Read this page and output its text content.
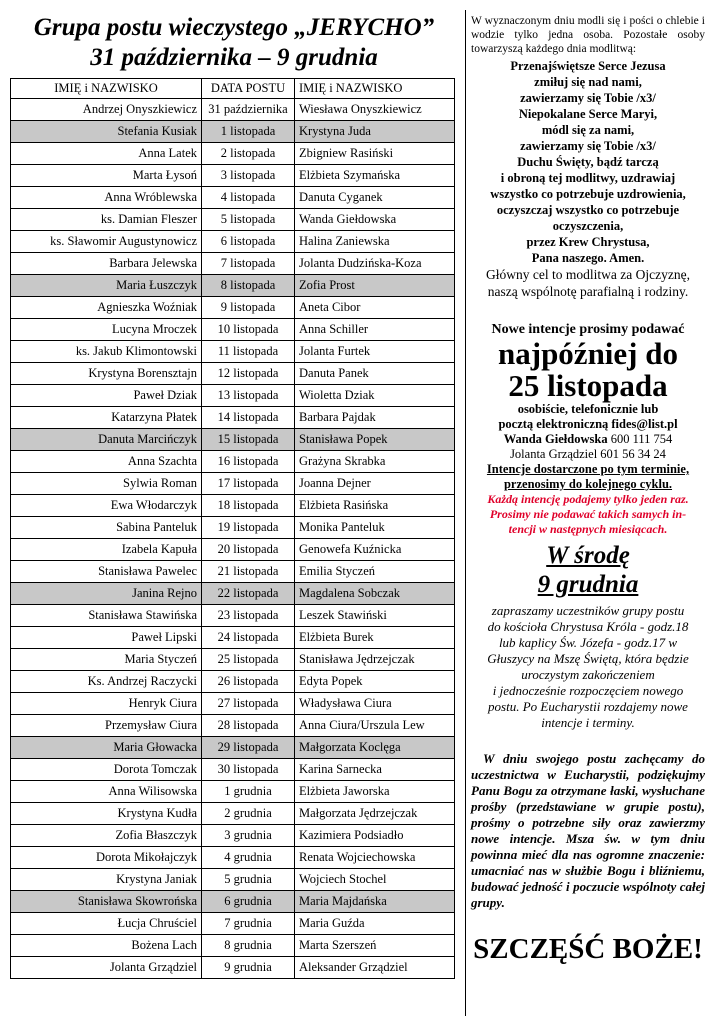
Grupa postu wieczystego „JERYCHO”
31 października – 9 grudnia
IMIĘ i NAZWISKO	DATA POSTU	IMIĘ i NAZWISKO
Andrzej Onyszkiewicz	31 października	Wiesława Onyszkiewicz
Stefania Kusiak	1 listopada	Krystyna Juda
Anna Latek	2 listopada	Zbigniew Rasiński
Marta Łysoń	3 listopada	Elżbieta Szymańska
Anna Wróblewska	4 listopada	Danuta Cyganek
ks. Damian Fleszer	5 listopada	Wanda Giełdowska
ks. Sławomir Augustynowicz	6 listopada	Halina Zaniewska
Barbara Jelewska	7 listopada	Jolanta Dudzińska-Koza
Maria Łuszczyk	8 listopada	Zofia Prost
Agnieszka Woźniak	9 listopada	Aneta Cibor
Lucyna Mroczek	10 listopada	Anna Schiller
ks. Jakub Klimontowski	11 listopada	Jolanta Furtek
Krystyna Borensztajn	12 listopada	Danuta Panek
Paweł Dziak	13 listopada	Wioletta Dziak
Katarzyna Płatek	14 listopada	Barbara Pajdak
Danuta Marcińczyk	15 listopada	Stanisława Popek
Anna Szachta	16 listopada	Grażyna Skrabka
Sylwia Roman	17 listopada	Joanna Dejner
Ewa Włodarczyk	18 listopada	Elżbieta Rasińska
Sabina Panteluk	19 listopada	Monika Panteluk
Izabela Kapuła	20 listopada	Genowefa Kuźnicka
Stanisława Pawelec	21 listopada	Emilia Styczeń
Janina Rejno	22 listopada	Magdalena Sobczak
Stanisława Stawińska	23 listopada	Leszek Stawiński
Paweł Lipski	24 listopada	Elżbieta Burek
Maria Styczeń	25 listopada	Stanisława Jędrzejczak
Ks. Andrzej Raczycki	26 listopada	Edyta Popek
Henryk Ciura	27 listopada	Władysława Ciura
Przemysław Ciura	28 listopada	Anna Ciura/Urszula Lew
Maria Głowacka	29 listopada	Małgorzata Koclęga
Dorota Tomczak	30 listopada	Karina Sarnecka
Anna Wilisowska	1 grudnia	Elżbieta Jaworska
Krystyna Kudła	2 grudnia	Małgorzata Jędrzejczak
Zofia Błaszczyk	3 grudnia	Kazimiera Podsiadło
Dorota Mikołajczyk	4 grudnia	Renata Wojciechowska
Krystyna Janiak	5 grudnia	Wojciech Stochel
Stanisława Skowrońska	6 grudnia	Maria Majdańska
Łucja Chruściel	7 grudnia	Maria Guźda
Bożena Lach	8 grudnia	Marta Szerszeń
Jolanta Grządziel	9 grudnia	Aleksander Grządziel
W wyznaczonym dniu modli się i pości o chlebie i wodzie tylko jedna osoba. Pozostałe osoby towarzyszą każdego dnia modlitwą:
Przenajświętsze Serce Jezusa
zmiłuj się nad nami,
zawierzamy się Tobie /x3/
Niepokalane Serce Maryi,
módl się za nami,
zawierzamy się Tobie /x3/
Duchu Święty, bądź tarczą
i obroną tej modlitwy, uzdrawiaj
wszystko co potrzebuje uzdrowienia,
oczyszczaj wszystko co potrzebuje
oczyszczenia,
przez Krew Chrystusa,
Pana naszego. Amen.
Główny cel to modlitwa za Ojczyznę,
naszą wspólnotę parafialną i rodziny.
Nowe intencje prosimy podawać
najpóźniej do
25 listopada
osobiście, telefonicznie lub
pocztą elektroniczną fides@list.pl
Wanda Giełdowska 600 111 754
Jolanta Grządziel 601 56 34 24
Intencje dostarczone po tym terminie,
przenosimy do kolejnego cyklu.
Każdą intencję podajemy tylko jeden raz.
Prosimy nie podawać takich samych in-
tencji w następnych miesiącach.
W środę
9 grudnia
zapraszamy uczestników grupy postu
do kościoła Chrystusa Króla - godz.18
lub kaplicy Św. Józefa - godz.17 w
Głuszycy na Mszę Świętą, która będzie
uroczystym zakończeniem
i jednocześnie rozpoczęciem nowego
postu. Po Eucharystii rozdajemy nowe
intencje i terminy.
W dniu swojego postu zachęcamy do uczestnictwa w Eucharystii, podziękujmy Panu Bogu za otrzymane łaski, wysłuchane prośby (przedstawiane w grupie postu), prośmy o potrzebne siły oraz zawierzmy nowe intencje. Msza św. w tym dniu powinna mieć dla nas ogromne znaczenie: umacniać nas w służbie Bogu i bliźniemu, budować jedność i poczucie wspólnoty całej grupy.
SZCZĘŚĆ BOŻE!
